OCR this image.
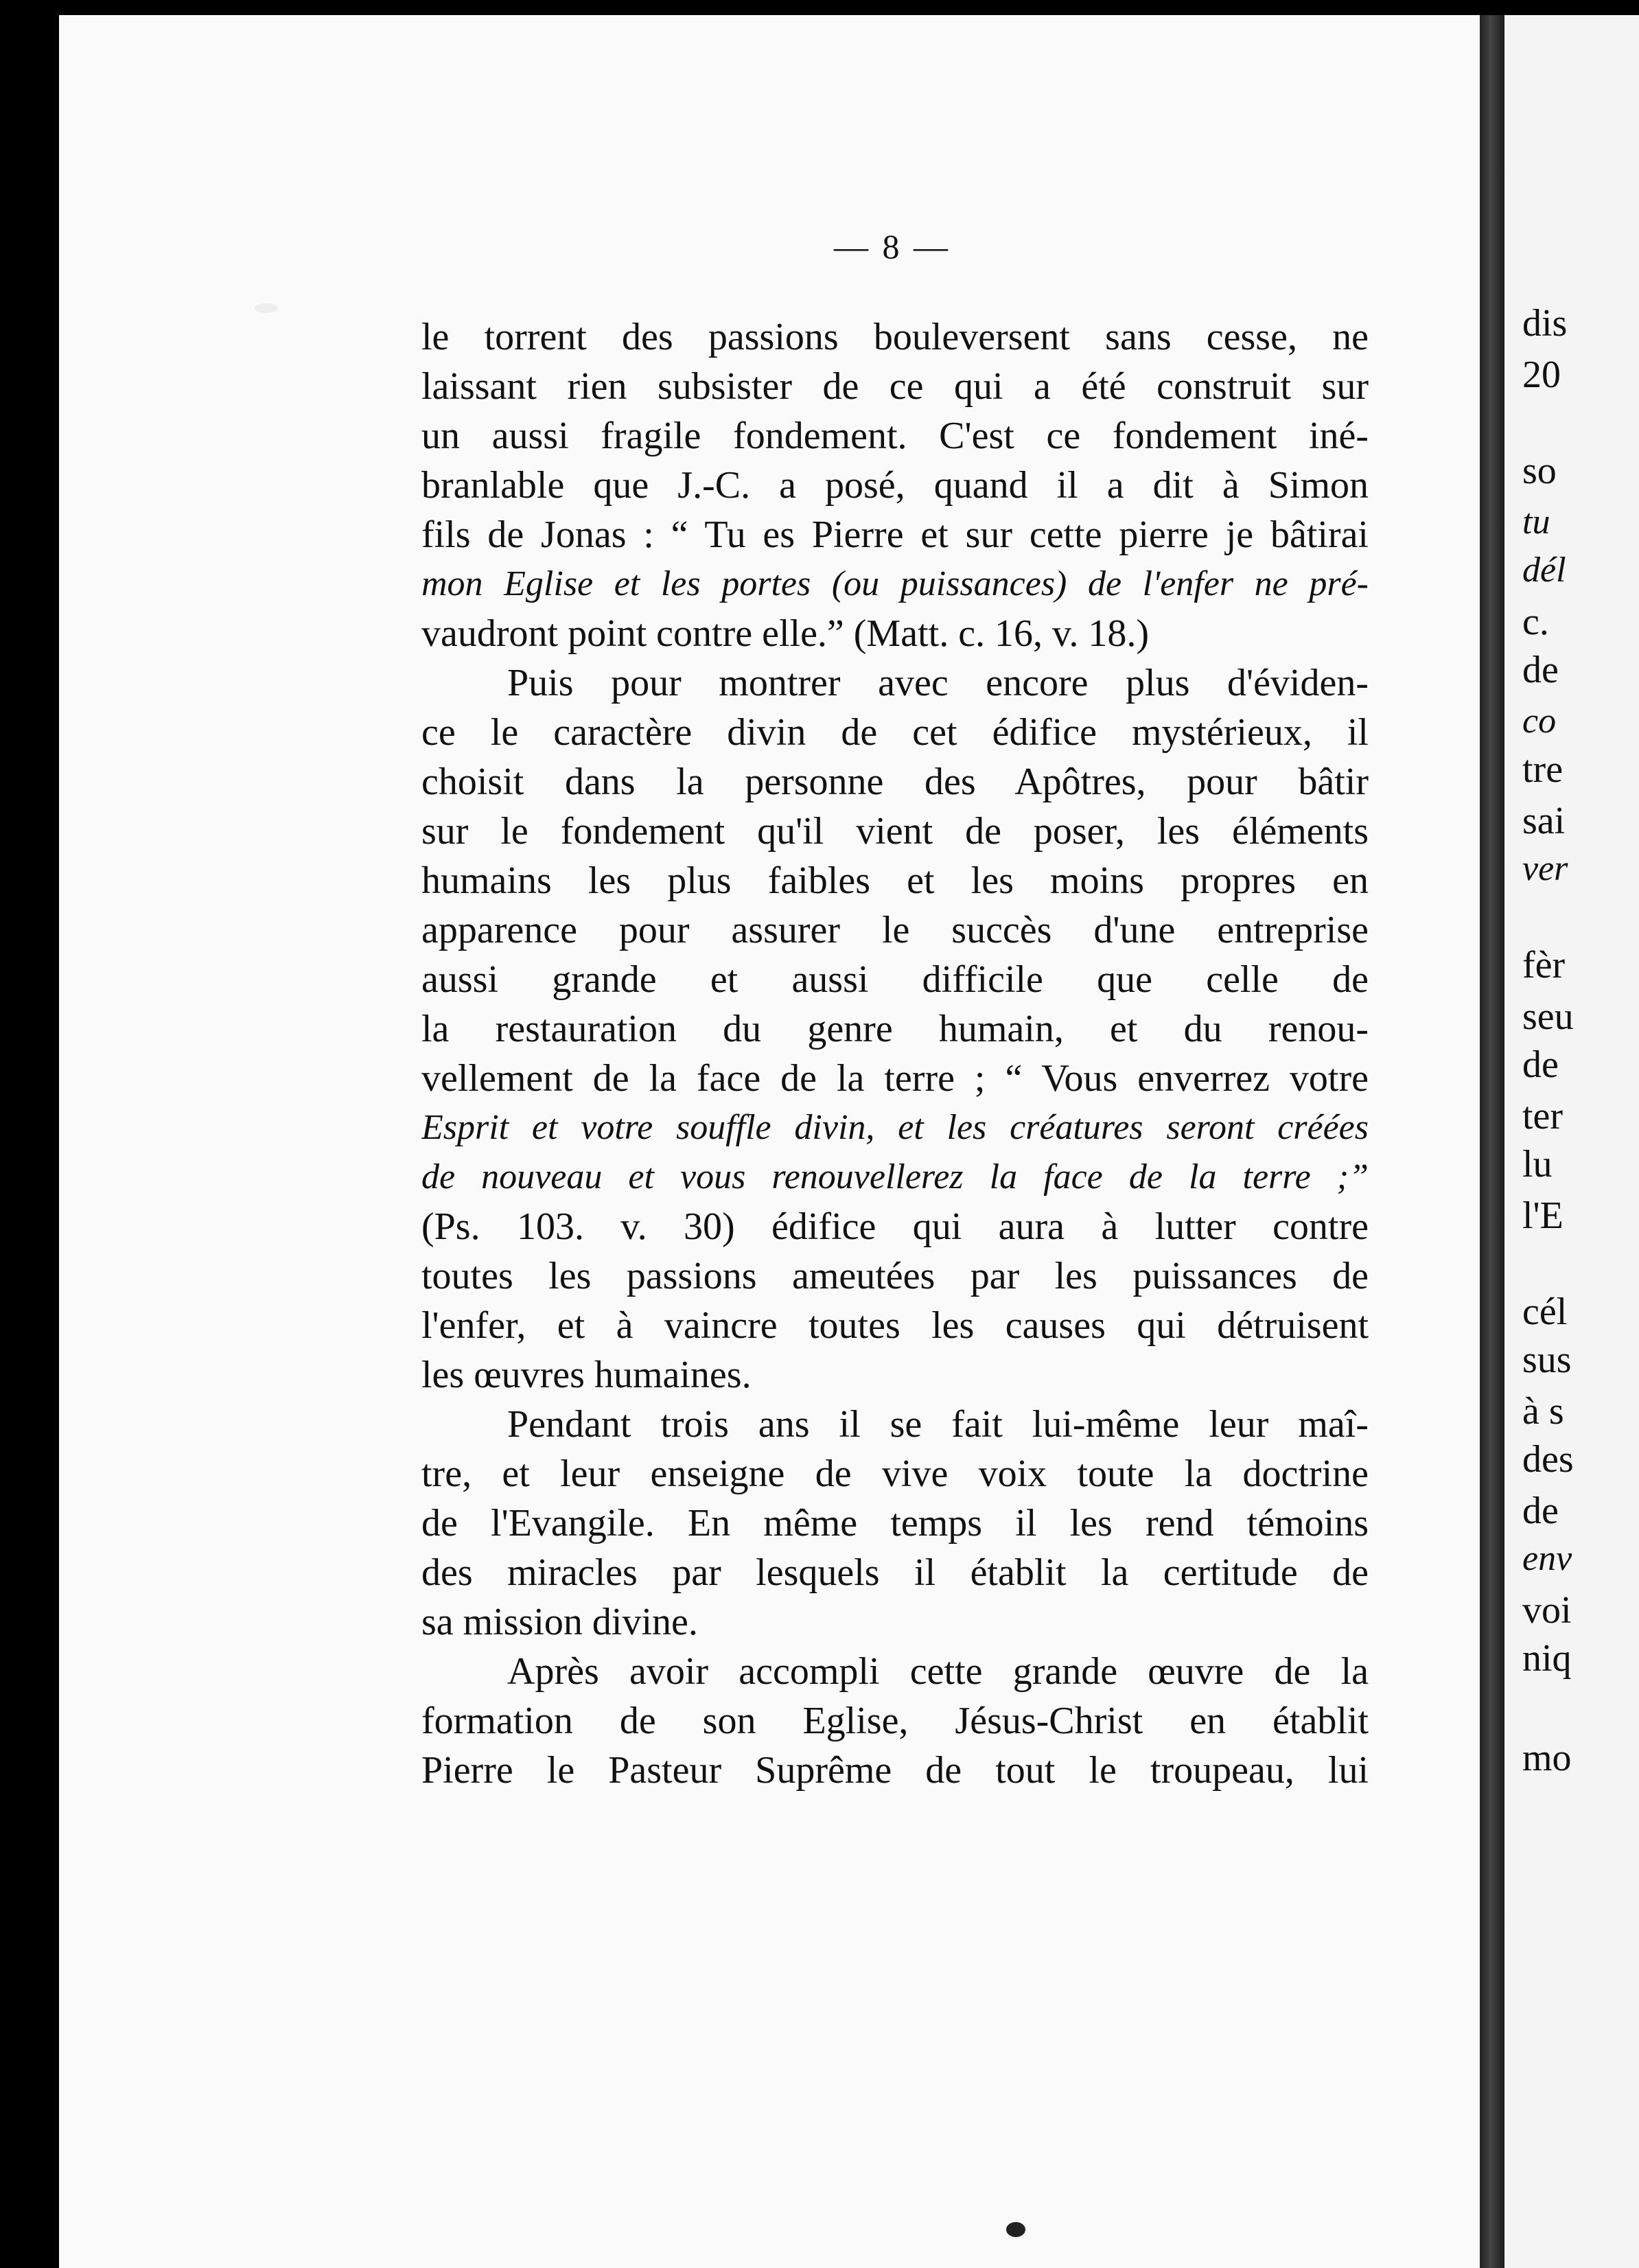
dis
20
so
tu
dél
c.
de
co
tre
sai
ver
fèr
seu
de
ter
lu
l'E
cél
sus
à s
des
de
env
voi
niq
mo
— 8 —
le torrent des passions bouleversent sans cesse, ne
laissant rien subsister de ce qui a été construit sur
un aussi fragile fondement. C'est ce fondement iné-
branlable que J.-C. a posé, quand il a dit à Simon
fils de Jonas : “ Tu es Pierre et sur cette pierre je bâtirai
mon Eglise et les portes (ou puissances) de l'enfer ne pré-
vaudront point contre elle.” (Matt. c. 16, v. 18.)
Puis pour montrer avec encore plus d'éviden-
ce le caractère divin de cet édifice mystérieux, il
choisit dans la personne des Apôtres, pour bâtir
sur le fondement qu'il vient de poser, les éléments
humains les plus faibles et les moins propres en
apparence pour assurer le succès d'une entreprise
aussi grande et aussi difficile que celle de
la restauration du genre humain, et du renou-
vellement de la face de la terre ; “ Vous enverrez votre
Esprit et votre souffle divin, et les créatures seront créées
de nouveau et vous renouvellerez la face de la terre ;”
(Ps. 103. v. 30) édifice qui aura à lutter contre
toutes les passions ameutées par les puissances de
l'enfer, et à vaincre toutes les causes qui détruisent
les œuvres humaines.
Pendant trois ans il se fait lui-même leur maî-
tre, et leur enseigne de vive voix toute la doctrine
de l'Evangile. En même temps il les rend témoins
des miracles par lesquels il établit la certitude de
sa mission divine.
Après avoir accompli cette grande œuvre de la
formation de son Eglise, Jésus-Christ en établit
Pierre le Pasteur Suprême de tout le troupeau, lui
